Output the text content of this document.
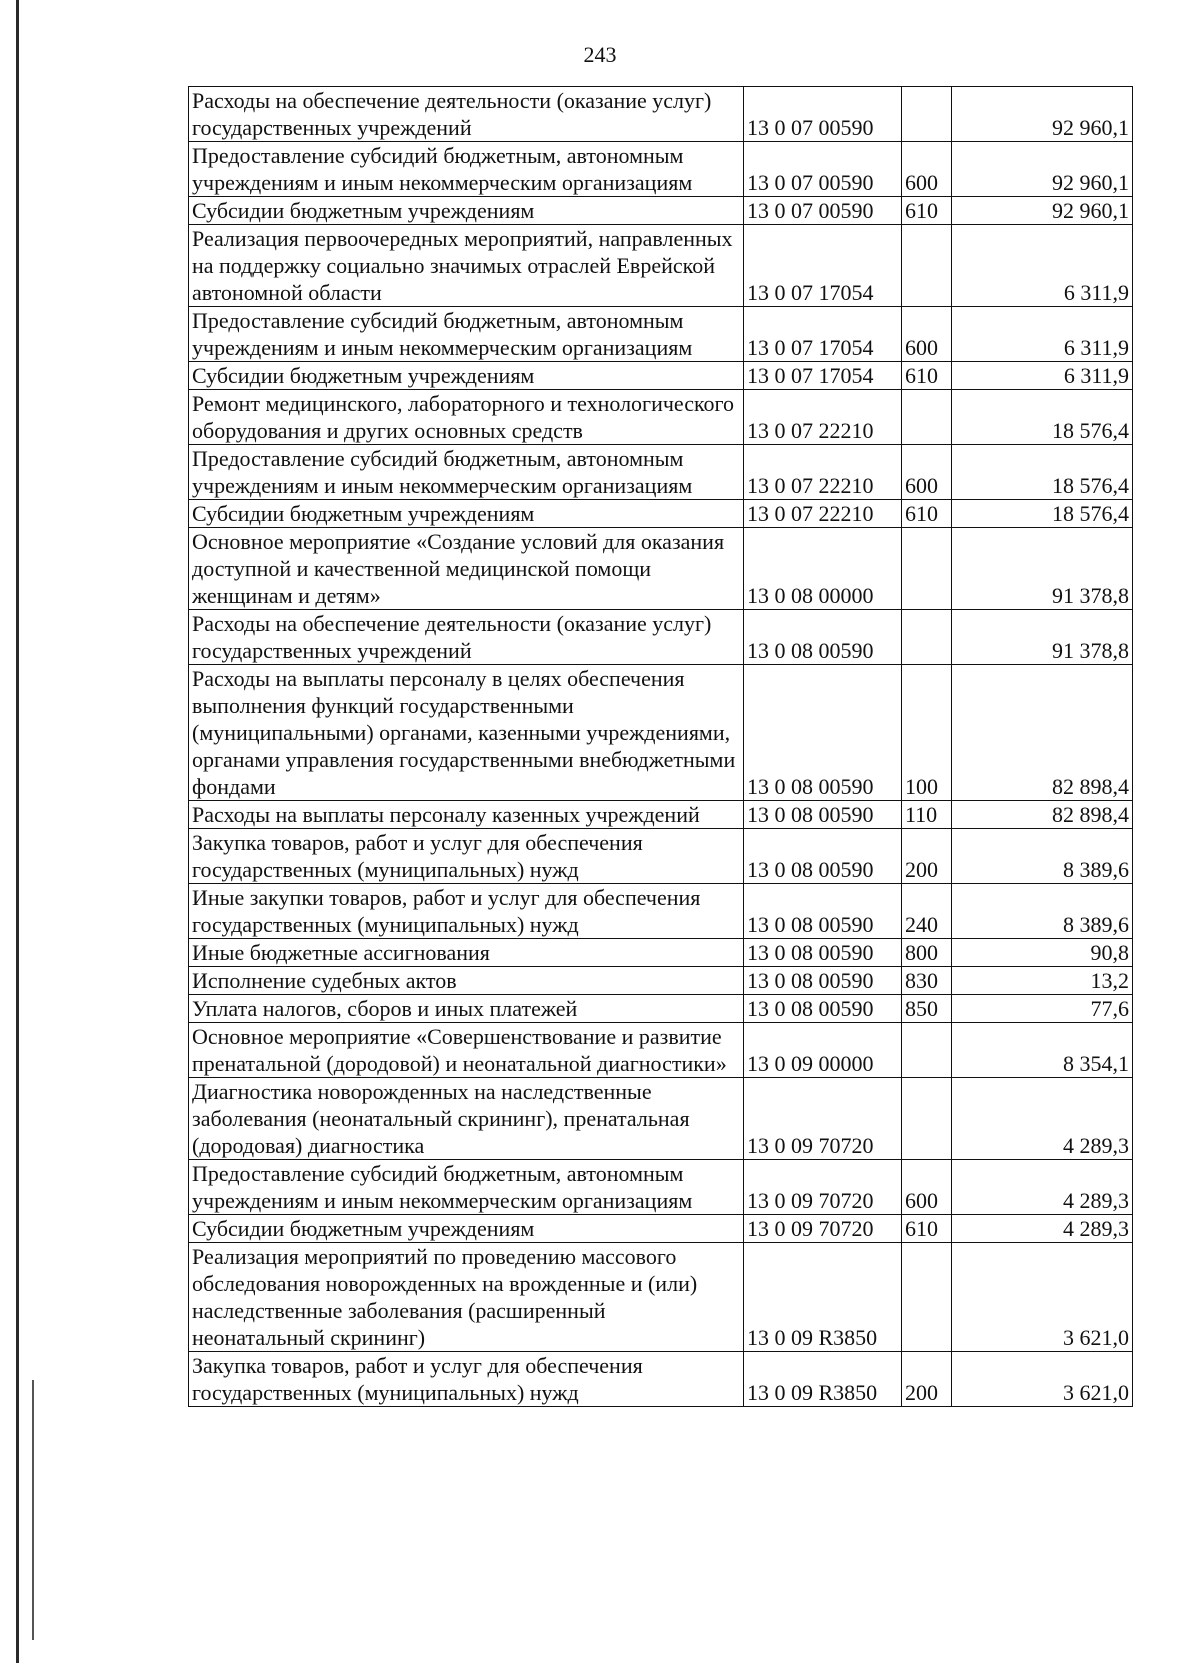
243
Расходы на обеспечение деятельности (оказание услуг) государственных учреждений	13 0 07 00590		92 960,1
Предоставление субсидий бюджетным, автономным учреждениям и иным некоммерческим организациям	13 0 07 00590	600	92 960,1
Субсидии бюджетным учреждениям	13 0 07 00590	610	92 960,1
Реализация первоочередных мероприятий, направленных на поддержку социально значимых отраслей Еврейской автономной области	13 0 07 17054		6 311,9
Предоставление субсидий бюджетным, автономным учреждениям и иным некоммерческим организациям	13 0 07 17054	600	6 311,9
Субсидии бюджетным учреждениям	13 0 07 17054	610	6 311,9
Ремонт медицинского, лабораторного и технологического оборудования и других основных средств	13 0 07 22210		18 576,4
Предоставление субсидий бюджетным, автономным учреждениям и иным некоммерческим организациям	13 0 07 22210	600	18 576,4
Субсидии бюджетным учреждениям	13 0 07 22210	610	18 576,4
Основное мероприятие «Создание условий для оказания доступной и качественной медицинской помощи женщинам и детям»	13 0 08 00000		91 378,8
Расходы на обеспечение деятельности (оказание услуг) государственных учреждений	13 0 08 00590		91 378,8
Расходы на выплаты персоналу в целях обеспечения выполнения функций государственными (муниципальными) органами, казенными учреждениями, органами управления государственными внебюджетными фондами	13 0 08 00590	100	82 898,4
Расходы на выплаты персоналу казенных учреждений	13 0 08 00590	110	82 898,4
Закупка товаров, работ и услуг для обеспечения государственных (муниципальных) нужд	13 0 08 00590	200	8 389,6
Иные закупки товаров, работ и услуг для обеспечения государственных (муниципальных) нужд	13 0 08 00590	240	8 389,6
Иные бюджетные ассигнования	13 0 08 00590	800	90,8
Исполнение судебных актов	13 0 08 00590	830	13,2
Уплата налогов, сборов и иных платежей	13 0 08 00590	850	77,6
Основное мероприятие «Совершенствование и развитие пренатальной (дородовой) и неонатальной диагностики»	13 0 09 00000		8 354,1
Диагностика новорожденных на наследственные заболевания (неонатальный скрининг), пренатальная (дородовая) диагностика	13 0 09 70720		4 289,3
Предоставление субсидий бюджетным, автономным учреждениям и иным некоммерческим организациям	13 0 09 70720	600	4 289,3
Субсидии бюджетным учреждениям	13 0 09 70720	610	4 289,3
Реализация мероприятий по проведению массового обследования новорожденных на врожденные и (или) наследственные заболевания (расширенный неонатальный скрининг)	13 0 09 R3850		3 621,0
Закупка товаров, работ и услуг для обеспечения государственных (муниципальных) нужд	13 0 09 R3850	200	3 621,0
